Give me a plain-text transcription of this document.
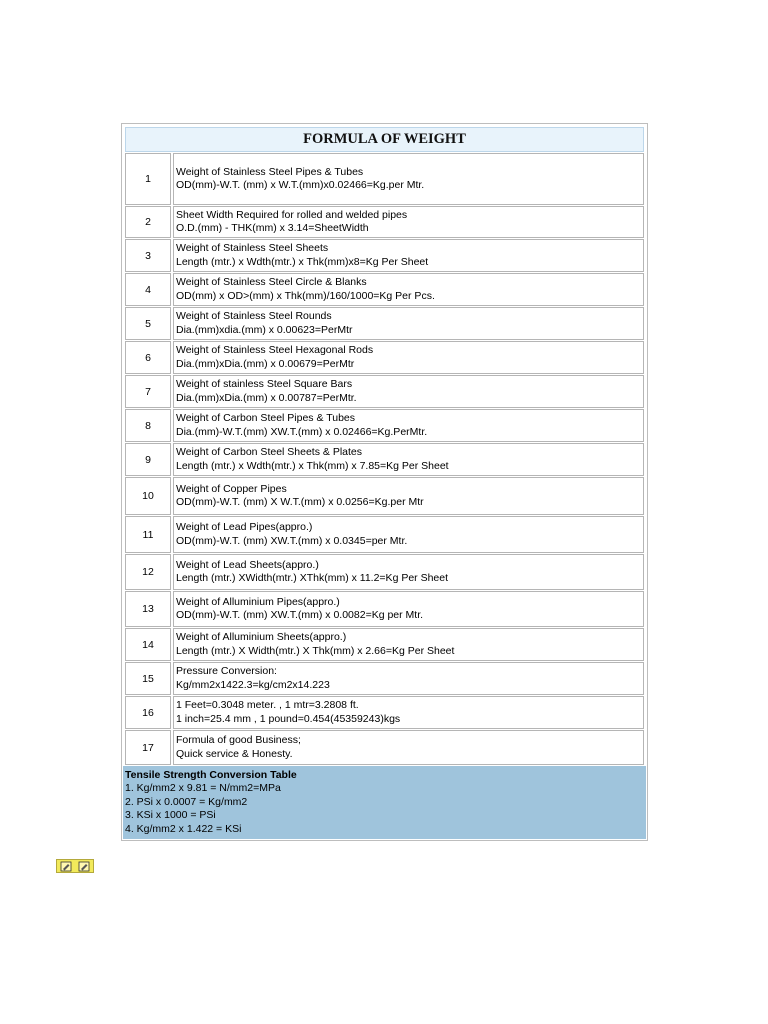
FORMULA OF WEIGHT
1
Weight of Stainless Steel Pipes & Tubes
OD(mm)-W.T. (mm) x W.T.(mm)x0.02466=Kg.per Mtr.
2
Sheet Width Required for rolled and welded pipes
O.D.(mm) - THK(mm) x 3.14=SheetWidth
3
Weight of Stainless Steel Sheets
Length (mtr.) x Wdth(mtr.) x Thk(mm)x8=Kg Per Sheet
4
Weight of Stainless Steel Circle & Blanks
OD(mm) x OD>(mm) x Thk(mm)/160/1000=Kg Per Pcs.
5
Weight of Stainless Steel Rounds
Dia.(mm)xdia.(mm) x 0.00623=PerMtr
6
Weight of Stainless Steel Hexagonal Rods
Dia.(mm)xDia.(mm) x 0.00679=PerMtr
7
Weight of stainless Steel Square Bars
Dia.(mm)xDia.(mm) x 0.00787=PerMtr.
8
Weight of Carbon Steel Pipes & Tubes
Dia.(mm)-W.T.(mm) XW.T.(mm) x 0.02466=Kg.PerMtr.
9
Weight of Carbon Steel Sheets & Plates
Length (mtr.) x Wdth(mtr.) x Thk(mm) x 7.85=Kg Per Sheet
10
Weight of Copper Pipes
OD(mm)-W.T. (mm) X W.T.(mm) x 0.0256=Kg.per Mtr
11
Weight of Lead Pipes(appro.)
OD(mm)-W.T. (mm) XW.T.(mm) x 0.0345=per Mtr.
12
Weight of Lead Sheets(appro.)
Length (mtr.) XWidth(mtr.) XThk(mm) x 11.2=Kg Per Sheet
13
Weight of Alluminium Pipes(appro.)
OD(mm)-W.T. (mm) XW.T.(mm) x 0.0082=Kg per Mtr.
14
Weight of Alluminium Sheets(appro.)
Length (mtr.) X Width(mtr.) X Thk(mm) x 2.66=Kg Per Sheet
15
Pressure Conversion:
Kg/mm2x1422.3=kg/cm2x14.223
16
1 Feet=0.3048 meter. , 1 mtr=3.2808 ft.
1 inch=25.4 mm , 1 pound=0.454(45359243)kgs
17
Formula of good Business;
Quick service & Honesty.
Tensile Strength Conversion Table
1. Kg/mm2 x 9.81 = N/mm2=MPa
2. PSi x 0.0007 = Kg/mm2
3. KSi x 1000 = PSi
4. Kg/mm2 x 1.422 = KSi
